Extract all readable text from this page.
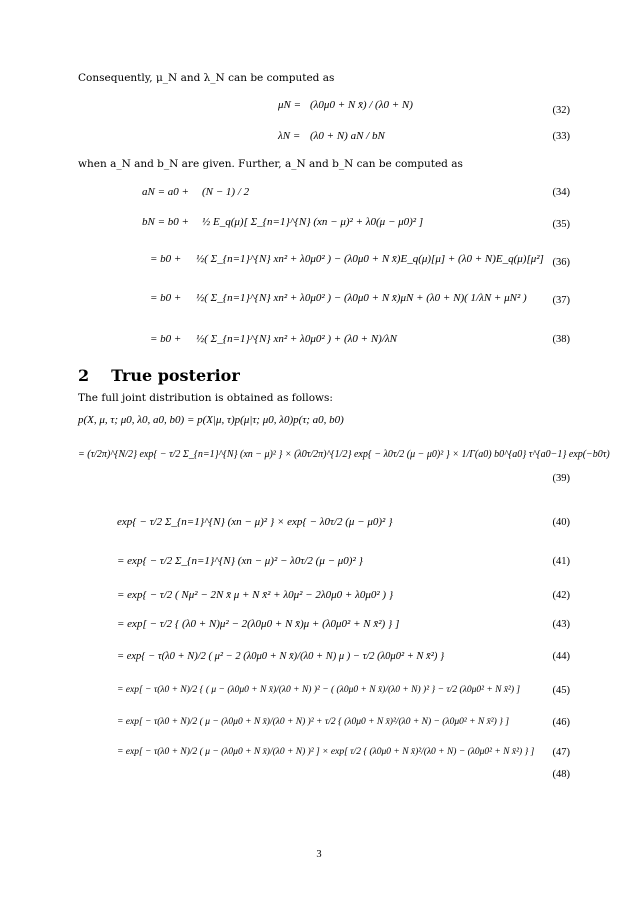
Consequently, μ_N and λ_N can be computed as
μN = (λ0μ0 + N x̄) / (λ0 + N)	(32)
λN = (λ0 + N) aN / bN	(33)
when a_N and b_N are given. Further, a_N and b_N can be computed as
aN = a0 + (N − 1) / 2	(34)
bN = b0 + ½ E_q(μ)[ Σ_{n=1}^{N} (xn − μ)² + λ0(μ − μ0)² ]	(35)
= b0 + ½( Σ_{n=1}^{N} xn² + λ0μ0² ) − (λ0μ0 + N x̄)E_q(μ)[μ] + (λ0 + N)E_q(μ)[μ²] (36)
= b0 + ½( Σ_{n=1}^{N} xn² + λ0μ0² ) − (λ0μ0 + N x̄)μN + (λ0 + N)( 1/λN + μN² ) (37)
= b0 + ½( Σ_{n=1}^{N} xn² + λ0μ0² ) + (λ0 + N)/λN	(38)
2 True posterior
The full joint distribution is obtained as follows:
p(X, μ, τ; μ0, λ0, a0, b0) = p(X|μ, τ)p(μ|τ; μ0, λ0)p(τ; a0, b0)
= (τ/2π)^{N/2} exp{ − τ/2 Σ_{n=1}^{N} (xn − μ)² } × (λ0τ/2π)^{1/2} exp{ − λ0τ/2 (μ − μ0)² } × 1/Γ(a0) b0^{a0} τ^{a0−1} exp(−b0τ)
(39)
exp{ − τ/2 Σ_{n=1}^{N} (xn − μ)² } × exp{ − λ0τ/2 (μ − μ0)² }	(40)
= exp{ − τ/2 Σ_{n=1}^{N} (xn − μ)² − λ0τ/2 (μ − μ0)² }	(41)
= exp{ − τ/2 ( Nμ² − 2N x̄ μ + N x̄² + λ0μ² − 2λ0μ0 + λ0μ0² ) }	(42)
= exp[ − τ/2 { (λ0 + N)μ² − 2(λ0μ0 + N x̄)μ + (λ0μ0² + N x̄²) } ]	(43)
= exp{ − τ(λ0 + N)/2 ( μ² − 2 (λ0μ0 + N x̄)/(λ0 + N) μ ) − τ/2 (λ0μ0² + N x̄²) }	(44)
= exp[ − τ(λ0 + N)/2 { ( μ − (λ0μ0 + N x̄)/(λ0 + N) )² − ( (λ0μ0 + N x̄)/(λ0 + N) )² } − τ/2 (λ0μ0² + N x̄²) ]	(45)
= exp[ − τ(λ0 + N)/2 ( μ − (λ0μ0 + N x̄)/(λ0 + N) )² + τ/2 { (λ0μ0 + N x̄)²/(λ0 + N) − (λ0μ0² + N x̄²) } ]	(46)
= exp[ − τ(λ0 + N)/2 ( μ − (λ0μ0 + N x̄)/(λ0 + N) )² ] × exp[ τ/2 { (λ0μ0 + N x̄)²/(λ0 + N) − (λ0μ0² + N x̄²) } ] (47)
(48)
3
